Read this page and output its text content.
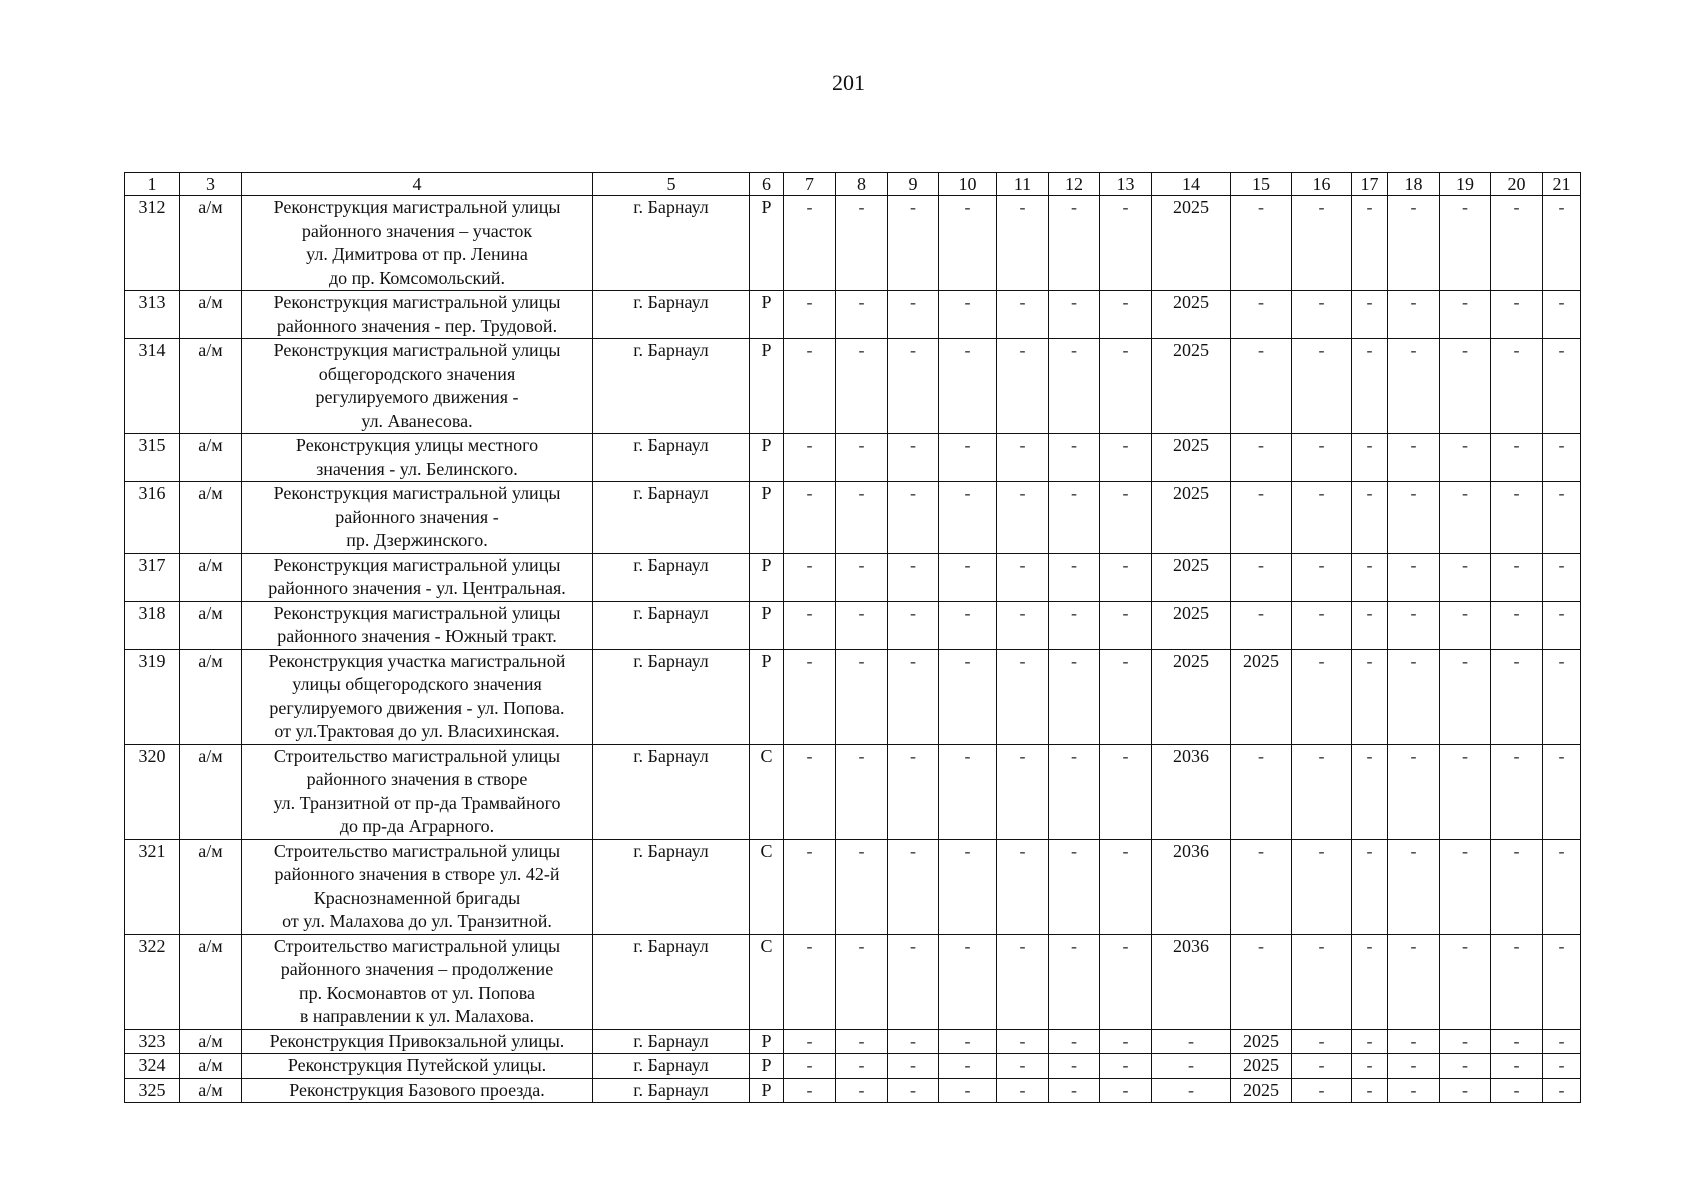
201
1	3	4	5	6	7	8	9	10	11	12	13	14	15	16	17	18	19	20	21
312	а/м	Реконструкция магистральной улицы
районного значения – участок
ул. Димитрова от пр. Ленина
до пр. Комсомольский.	г. Барнаул	Р	-	-	-	-	-	-	-	2025	-	-	-	-	-	-	-
313	а/м	Реконструкция магистральной улицы
районного значения - пер. Трудовой.	г. Барнаул	Р	-	-	-	-	-	-	-	2025	-	-	-	-	-	-	-
314	а/м	Реконструкция магистральной улицы
общегородского значения
регулируемого движения -
ул. Аванесова.	г. Барнаул	Р	-	-	-	-	-	-	-	2025	-	-	-	-	-	-	-
315	а/м	Реконструкция улицы местного
значения - ул. Белинского.	г. Барнаул	Р	-	-	-	-	-	-	-	2025	-	-	-	-	-	-	-
316	а/м	Реконструкция магистральной улицы
районного значения -
пр. Дзержинского.	г. Барнаул	Р	-	-	-	-	-	-	-	2025	-	-	-	-	-	-	-
317	а/м	Реконструкция магистральной улицы
районного значения - ул. Центральная.	г. Барнаул	Р	-	-	-	-	-	-	-	2025	-	-	-	-	-	-	-
318	а/м	Реконструкция магистральной улицы
районного значения - Южный тракт.	г. Барнаул	Р	-	-	-	-	-	-	-	2025	-	-	-	-	-	-	-
319	а/м	Реконструкция участка магистральной
улицы общегородского значения
регулируемого движения - ул. Попова.
от ул.Трактовая до ул. Власихинская.	г. Барнаул	Р	-	-	-	-	-	-	-	2025	2025	-	-	-	-	-	-
320	а/м	Строительство магистральной улицы
районного значения в створе
ул. Транзитной от пр-да Трамвайного
до пр-да Аграрного.	г. Барнаул	С	-	-	-	-	-	-	-	2036	-	-	-	-	-	-	-
321	а/м	Строительство магистральной улицы
районного значения в створе ул. 42-й
Краснознаменной бригады
от ул. Малахова до ул. Транзитной.	г. Барнаул	С	-	-	-	-	-	-	-	2036	-	-	-	-	-	-	-
322	а/м	Строительство магистральной улицы
районного значения – продолжение
пр. Космонавтов от ул. Попова
в направлении к ул. Малахова.	г. Барнаул	С	-	-	-	-	-	-	-	2036	-	-	-	-	-	-	-
323	а/м	Реконструкция Привокзальной улицы.	г. Барнаул	Р	-	-	-	-	-	-	-	-	2025	-	-	-	-	-	-
324	а/м	Реконструкция Путейской улицы.	г. Барнаул	Р	-	-	-	-	-	-	-	-	2025	-	-	-	-	-	-
325	а/м	Реконструкция Базового проезда.	г. Барнаул	Р	-	-	-	-	-	-	-	-	2025	-	-	-	-	-	-
